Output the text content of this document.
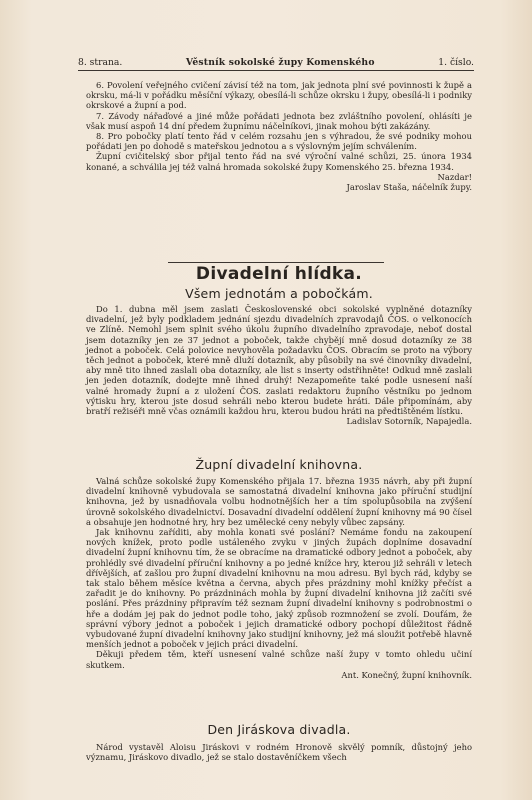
8. strana.	Věstník sokolské župy Komenského	1. číslo.

6. Povolení veřejného cvičení závisí též na tom, jak jednota plní své povinnosti k župě a okrsku, má-li v pořádku měsíční výkazy, obesílá-li schůze okrsku i župy, obesílá-li i podniky okrskové a župní a pod.

7. Závody nářaďové a jiné může pořádati jednota bez zvláštního povolení, ohlásíti je však musí aspoň 14 dní předem župnímu náčelníkovi, jinak mohou býti zakázány.

8. Pro pobočky platí tento řád v celém rozsahu jen s výhradou, že své podniky mohou pořádati jen po dohodě s mateřskou jednotou a s výslovným jejím schválením.

Župní cvičitelský sbor přijal tento řád na své výroční valné schůzi, 25. února 1934 konané, a schválila jej též valná hromada sokolské župy Komenského 25. března 1934.
Nazdar!
Jaroslav Staša, náčelník župy.
Divadelní hlídka.
Všem jednotám a pobočkám.

Do 1. dubna měl jsem zaslati Československé obci sokolské vyplněné dotazníky divadelní, jež byly podkladem jednání sjezdu divadelních zpravodajů ČOS. o velkonocích ve Zlíně. Nemohl jsem splnit svého úkolu župního divadelního zpravodaje, neboť dostal jsem dotazníky jen ze 37 jednot a poboček, takže chybějí mně dosud dotazníky ze 38 jednot a poboček. Celá polovice nevyhověla požadavku ČOS. Obracím se proto na výbory těch jednot a poboček, které mně dluží dotazník, aby působily na své činovníky divadelní, aby mně tito ihned zaslali oba dotazníky, ale list s inserty odstřihněte! Odkud mně zaslali jen jeden dotazník, dodejte mně ihned druhý! Nezapomeňte také podle usnesení naší valné hromady župní a z uložení ČOS. zaslati redaktoru župního věstníku po jednom výtisku hry, kterou jste dosud sehráli nebo kterou budete hráti. Dále připomínám, aby bratří režiséři mně včas oznámili každou hru, kterou budou hráti na předtištěném lístku.

Ladislav Sotorník, Napajedla.
Župní divadelní knihovna.

Valná schůze sokolské župy Komenského přijala 17. března 1935 návrh, aby při župní divadelní knihovně vybudovala se samostatná divadelní knihovna jako příruční studijní knihovna, jež by usnadňovala volbu hodnotnějších her a tím spolupůsobila na zvýšení úrovně sokolského divadelnictví. Dosavadní divadelní oddělení župní knihovny má 90 čísel a obsahuje jen hodnotné hry, hry bez umělecké ceny nebyly vůbec zapsány.

Jak knihovnu zaříditi, aby mohla konati své poslání? Nemáme fondu na zakoupení nových knížek, proto podle ustáleného zvyku v jiných župách doplníme dosavadní divadelní župní knihovnu tím, že se obracíme na dramatické odbory jednot a poboček, aby prohlédly své divadelní příruční knihovny a po jedné knížce hry, kterou již sehráli v letech dřívějších, ať zašlou pro župní divadelní knihovnu na mou adresu. Byl bych rád, kdyby se tak stalo během měsíce května a června, abych přes prázdniny mohl knížky přečíst a zařadit je do knihovny. Po prázdninách mohla by župní divadelní knihovna již začíti své poslání. Přes prázdniny připravím též seznam župní divadelní knihovny s podrobnostmi o hře a dodám jej pak do jednot podle toho, jaký způsob rozmnožení se zvolí. Doufám, že správní výbory jednot a poboček i jejich dramatické odbory pochopí důležitost řádně vybudované župní divadelní knihovny jako studijní knihovny, jež má sloužit potřebě hlavně menších jednot a poboček v jejich práci divadelní.

Děkuji předem těm, kteří usnesení valné schůze naší župy v tomto ohledu učiní skutkem.

Ant. Konečný, župní knihovník.
Den Jiráskova divadla.

Národ vystavěl Aloisu Jiráskovi v rodném Hronově skvělý pomník, důstojný jeho významu, Jiráskovo divadlo, jež se stalo dostavěníčkem všech
